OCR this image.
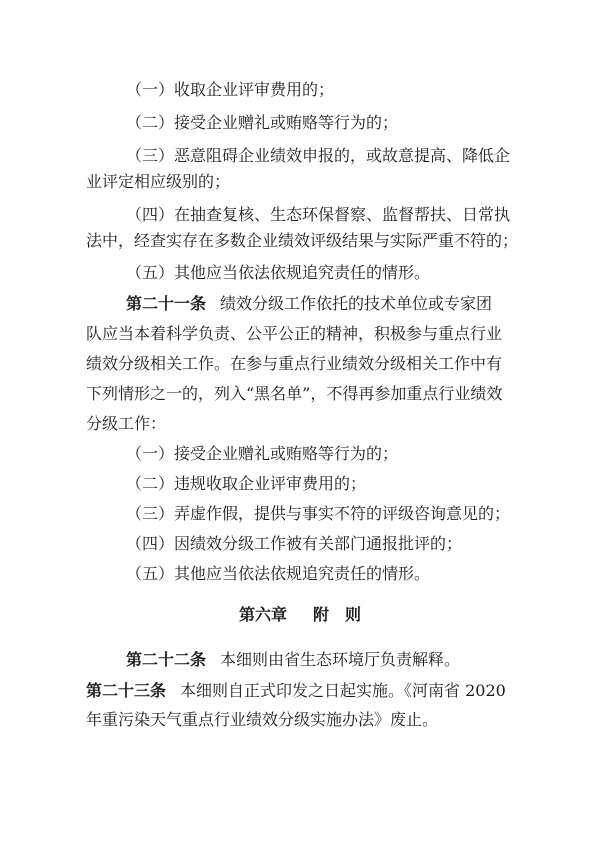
（一）收取企业评审费用的；
（二）接受企业赠礼或贿赂等行为的；
（三）恶意阻碍企业绩效申报的，或故意提高、降低企
业评定相应级别的；
（四）在抽查复核、生态环保督察、监督帮扶、日常执
法中，经查实存在多数企业绩效评级结果与实际严重不符的；
（五）其他应当依法依规追究责任的情形。
第二十一条 绩效分级工作依托的技术单位或专家团
队应当本着科学负责、公平公正的精神，积极参与重点行业
绩效分级相关工作。在参与重点行业绩效分级相关工作中有
下列情形之一的，列入“黑名单”，不得再参加重点行业绩效
分级工作：
（一）接受企业赠礼或贿赂等行为的；
（二）违规收取企业评审费用的；
（三）弄虚作假，提供与事实不符的评级咨询意见的；
（四）因绩效分级工作被有关部门通报批评的；
（五）其他应当依法依规追究责任的情形。
第六章 附　则
第二十二条 本细则由省生态环境厅负责解释。
第二十三条 本细则自正式印发之日起实施。《河南省 2020
年重污染天气重点行业绩效分级实施办法》废止。
